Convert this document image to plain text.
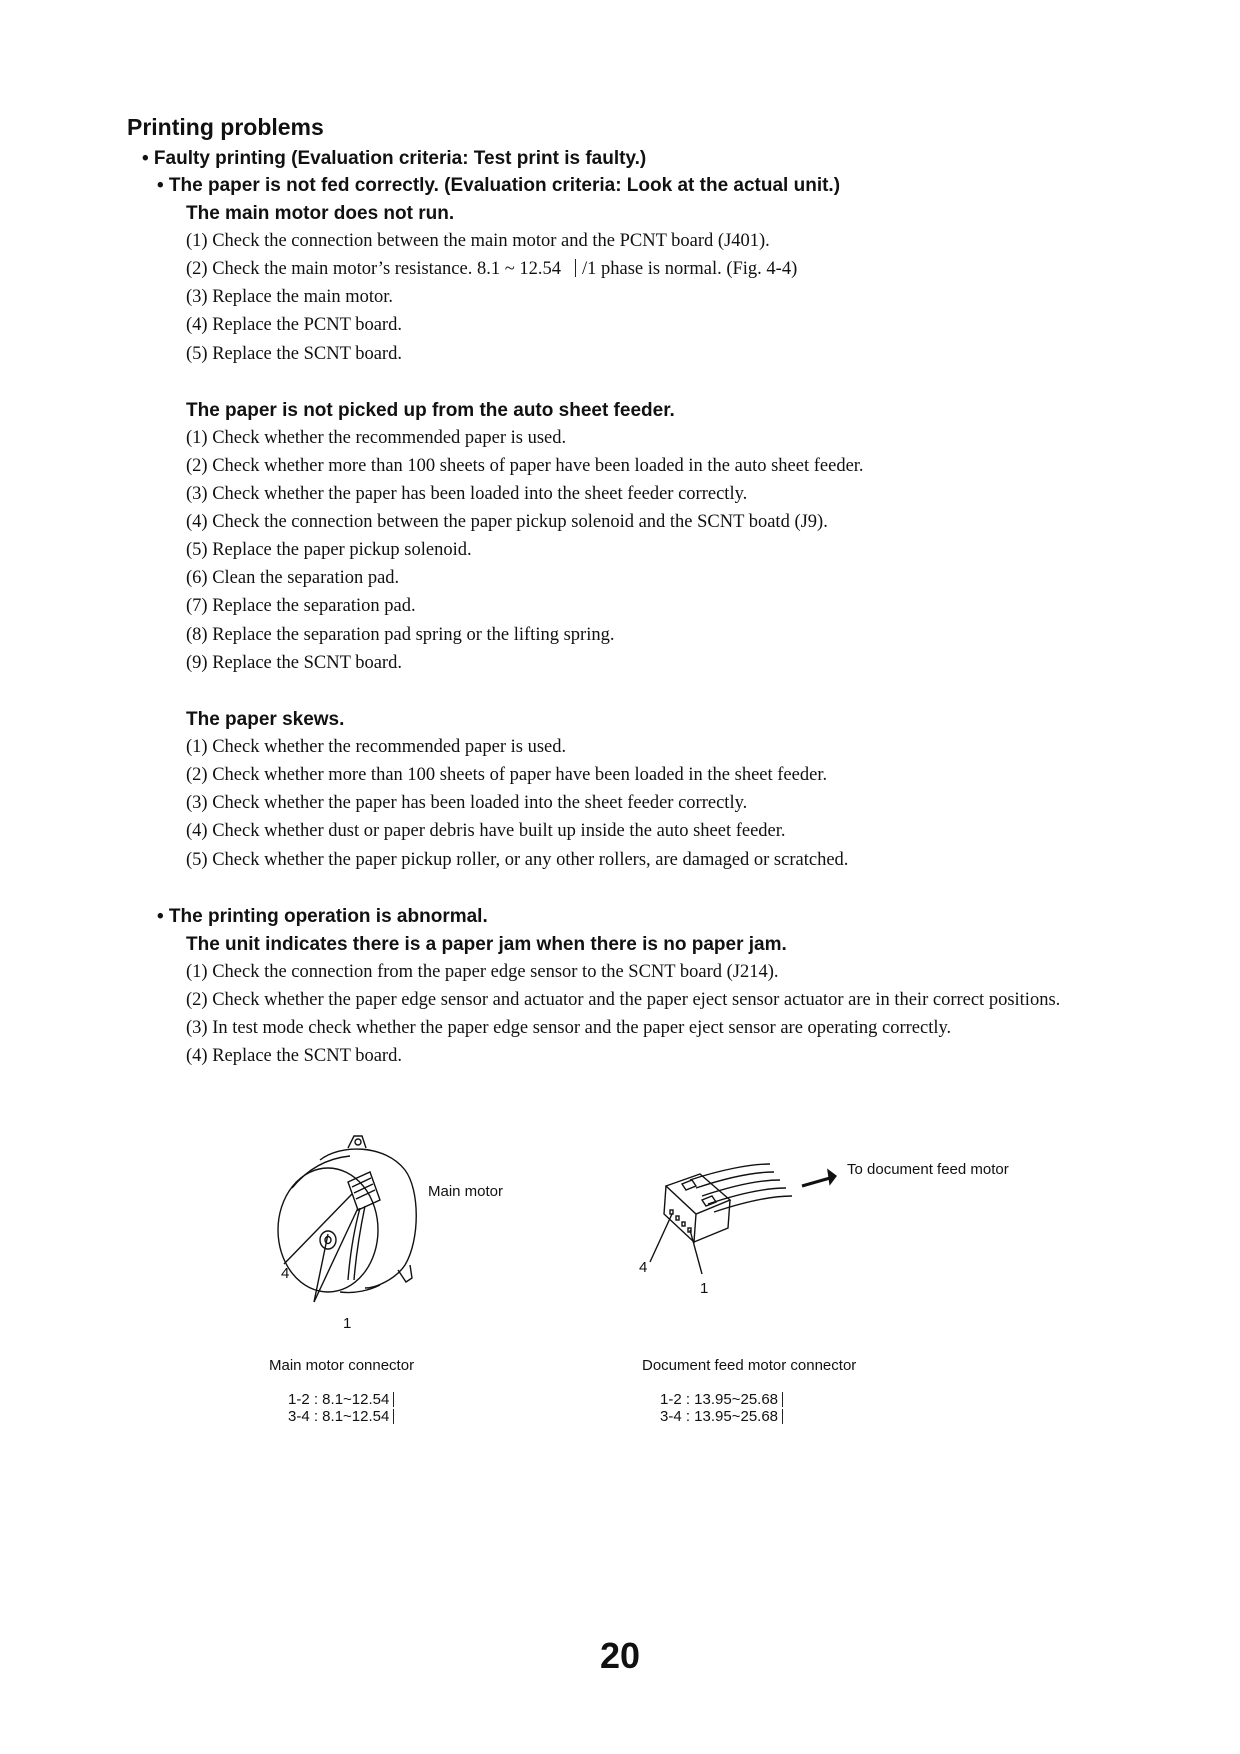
Printing problems
• Faulty printing (Evaluation criteria: Test print is faulty.)
• The paper is not fed correctly. (Evaluation criteria: Look at the actual unit.)
The main motor does not run.
(1) Check the connection between the main motor and the PCNT board (J401).
(2) Check the main motor’s resistance. 8.1 ~ 12.54 /1 phase is normal. (Fig. 4-4)
(3) Replace the main motor.
(4) Replace the PCNT board.
(5) Replace the SCNT board.
The paper is not picked up from the auto sheet feeder.
(1) Check whether the recommended paper is used.
(2) Check whether more than 100 sheets of paper have been loaded in the auto sheet feeder.
(3) Check whether the paper has been loaded into the sheet feeder correctly.
(4) Check the connection between the paper pickup solenoid and the SCNT boatd (J9).
(5) Replace the paper pickup solenoid.
(6) Clean the separation pad.
(7) Replace the separation pad.
(8) Replace the separation pad spring or the lifting spring.
(9) Replace the SCNT board.
The paper skews.
(1) Check whether the recommended paper is used.
(2) Check whether more than 100 sheets of paper have been loaded in the sheet feeder.
(3) Check whether the paper has been loaded into the sheet feeder correctly.
(4) Check whether dust or paper debris have built up inside the auto sheet feeder.
(5) Check whether the paper pickup roller, or any other rollers, are damaged or scratched.
• The printing operation is abnormal.
The unit indicates there is a paper jam when there is no paper jam.
(1) Check the connection from the paper edge sensor to the SCNT board (J214).
(2) Check whether the paper edge sensor and actuator and the paper eject sensor actuator are in their correct positions.
(3) In test mode check whether the paper edge sensor and the paper eject sensor are operating correctly.
(4) Replace the SCNT board.
Main motor
4
1
To document feed motor
4
1
Main motor connector
1-2 : 8.1~12.54
3-4 : 8.1~12.54
Document feed motor connector
1-2 : 13.95~25.68
3-4 : 13.95~25.68
20
